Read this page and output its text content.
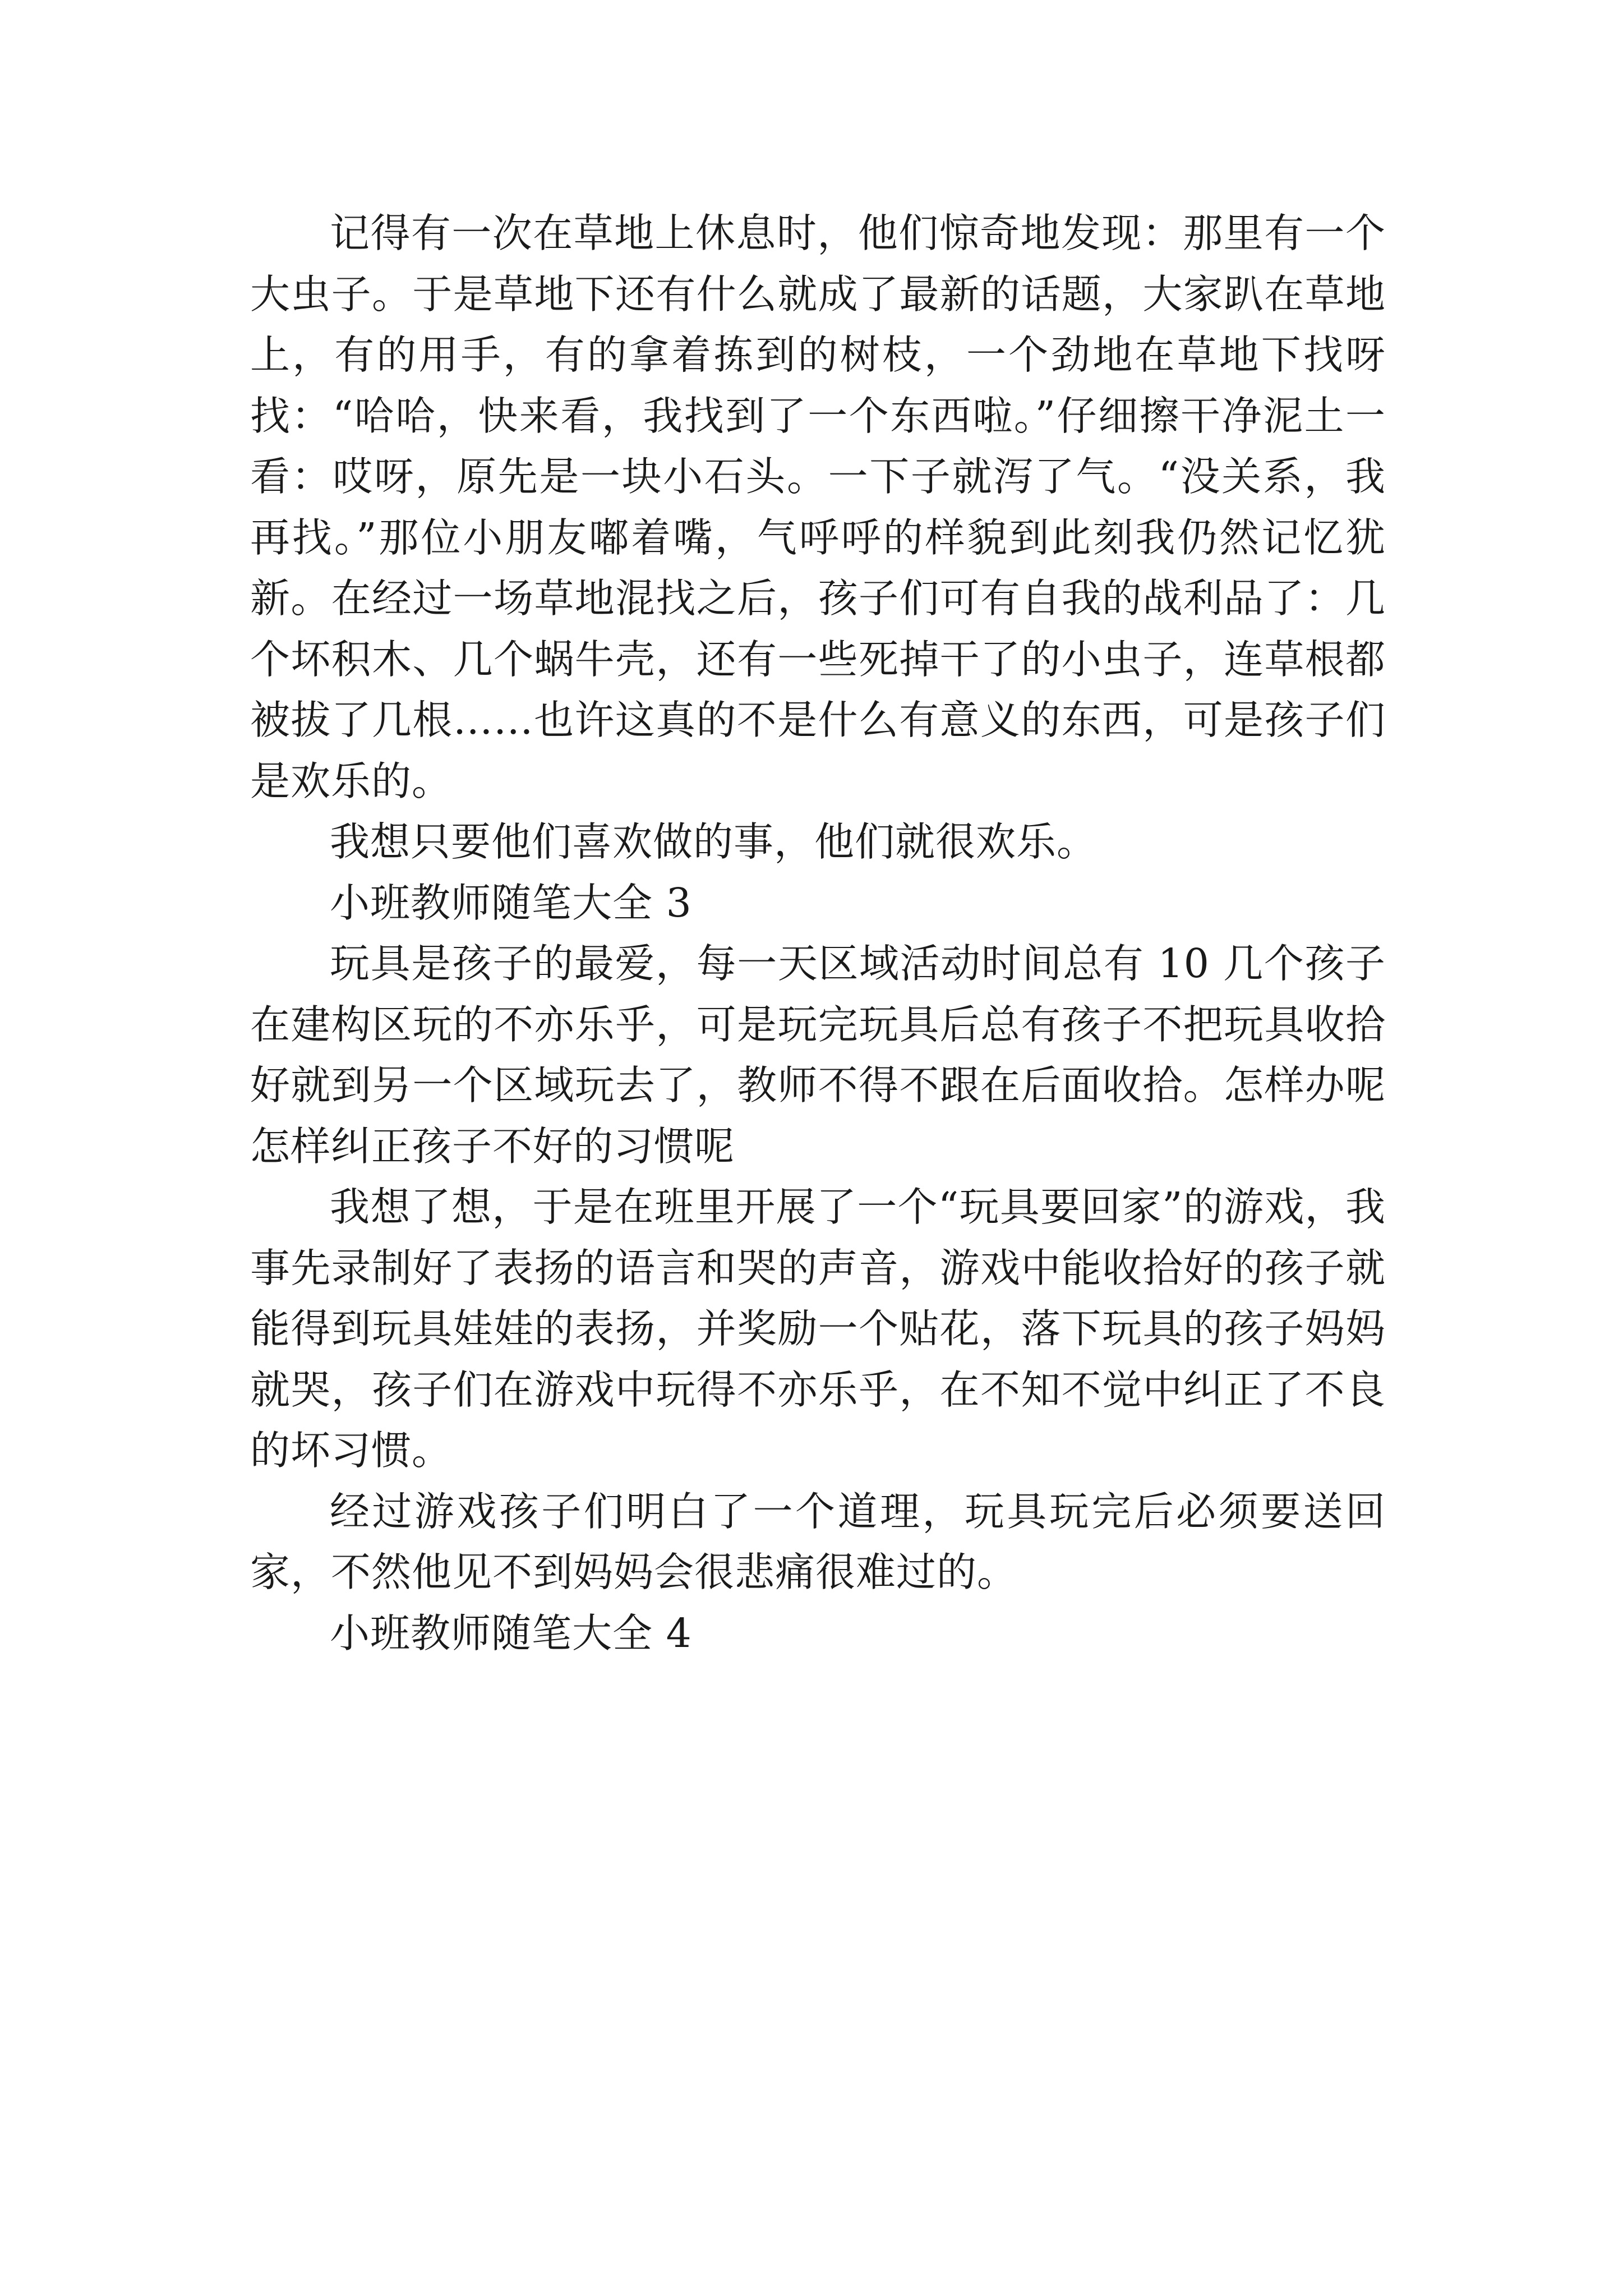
记得有一次在草地上休息时，他们惊奇地发现：那里有一个大虫子。于是草地下还有什么就成了最新的话题，大家趴在草地上，有的用手，有的拿着拣到的树枝，一个劲地在草地下找呀找：“哈哈，快来看，我找到了一个东西啦。”仔细擦干净泥土一看：哎呀，原先是一块小石头。一下子就泻了气。“没关系，我再找。”那位小朋友嘟着嘴，气呼呼的样貌到此刻我仍然记忆犹新。在经过一场草地混找之后，孩子们可有自我的战利品了：几个坏积木、几个蜗牛壳，还有一些死掉干了的小虫子，连草根都被拔了几根……也许这真的不是什么有意义的东西，可是孩子们是欢乐的。

我想只要他们喜欢做的事，他们就很欢乐。

小班教师随笔大全 3

玩具是孩子的最爱，每一天区域活动时间总有 10 几个孩子在建构区玩的不亦乐乎，可是玩完玩具后总有孩子不把玩具收拾好就到另一个区域玩去了，教师不得不跟在后面收拾。怎样办呢怎样纠正孩子不好的习惯呢

我想了想，于是在班里开展了一个“玩具要回家”的游戏，我事先录制好了表扬的语言和哭的声音，游戏中能收拾好的孩子就能得到玩具娃娃的表扬，并奖励一个贴花，落下玩具的孩子妈妈就哭，孩子们在游戏中玩得不亦乐乎，在不知不觉中纠正了不良的坏习惯。

经过游戏孩子们明白了一个道理，玩具玩完后必须要送回家，不然他见不到妈妈会很悲痛很难过的。

小班教师随笔大全 4
